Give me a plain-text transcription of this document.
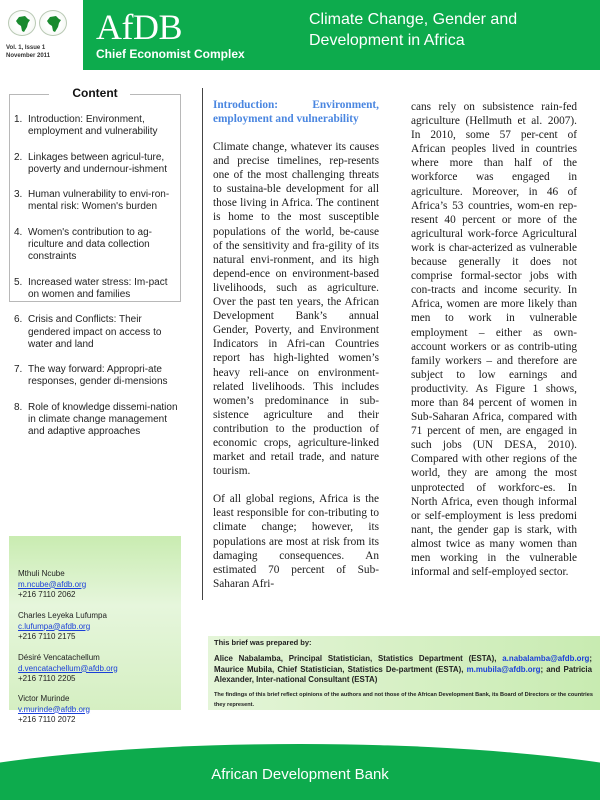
Vol. 1, Issue 1
November 2011
AfDB
Chief Economist Complex
Climate Change, Gender and
Development in Africa
Content
1. Introduction: Environment, employment and vulnerability
2. Linkages between agricul-ture, poverty and undernour-ishment
3. Human vulnerability to envi-ron-mental risk: Women's burden
4. Women's contribution to ag-riculture and data collection constraints
5. Increased water stress: Im-pact on women and families
6. Crisis and Conflicts: Their gendered impact on access to water and land
7. The way forward: Appropri-ate responses, gender di-mensions
8. Role of knowledge dissemi-nation in climate change management and adaptive approaches
Mthuli Ncube
m.ncube@afdb.org
+216 7110 2062
Charles Leyeka Lufumpa
c.lufumpa@afdb.org
+216 7110 2175
Désiré Vencatachellum
d.vencatachellum@afdb.org
+216 7110 2205
Victor Murinde
v.murinde@afdb.org
+216 7110 2072
Introduction: Environment, employment and vulnerability

Climate change, whatever its causes and precise timelines, rep-resents one of the most challenging threats to sustaina-ble development for all those living in Africa. The continent is home to the most susceptible populations of the world, be-cause of the sensitivity and fra-gility of its natural envi-ronment, and its high depend-ence on environment-based livelihoods, such as agriculture. Over the past ten years, the African Development Bank’s annual Gender, Poverty, and Environment Indicators in Afri-can Countries report has high-lighted women’s heavy reli-ance on environment-related livelihoods. This includes women’s predominance in sub-sistence agriculture and their contribution to the production of economic crops, agriculture-linked market and retail trade, and nature tourism.

Of all global regions, Africa is the least responsible for con-tributing to climate change; however, its populations are most at risk from its damaging consequences. An estimated 70 percent of Sub-Saharan Afri-

cans rely on subsistence rain-fed agriculture (Hellmuth et al. 2007). In 2010, some 57 per-cent of African peoples lived in countries where more than half of the workforce was engaged in agriculture. Moreover, in 46 of Africa’s 53 countries, wom-en rep-resent 40 percent or more of the agricultural work-force Agricultural work is char-acterized as vulnerable because generally it does not comprise formal-sector jobs with con-tracts and income security. In Africa, women are more likely than men to work in vulnerable employment – either as own-account workers or as contrib-uting family workers – and therefore are subject to low earnings and productivity. As Figure 1 shows, more than 84 percent of women in Sub-Saharan Africa, compared with 71 percent of men, are engaged in such jobs (UN DESA, 2010). Compared with other regions of the world, they are among the most unprotected of workforc-es. In North Africa, even though informal or self-employment is less predomi nant, the gender gap is stark, with almost twice as many women than men working in the vulnerable informal and self-employed sector.

This brief was prepared by:
Alice Nabalamba, Principal Statistician, Statistics Department (ESTA), a.nabalamba@afdb.org; Maurice Mubila, Chief Statistician, Statistics De-partment (ESTA), m.mubila@afdb.org; and Patricia Alexander, Inter-national Consultant (ESTA)
The findings of this brief reflect opinions of the authors and not those of the African Development Bank, its Board of Directors or the countries they represent.
African Development Bank
